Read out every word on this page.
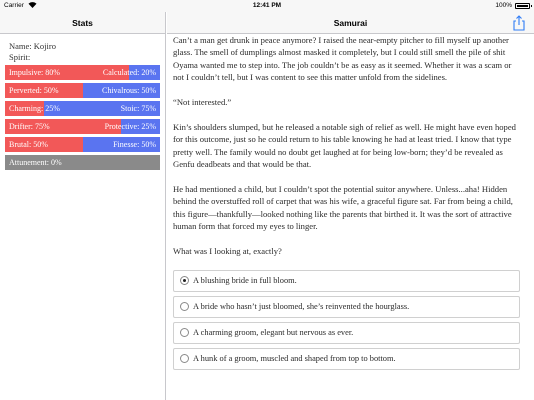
Carrier	12:41 PM	100%
Stats
Name: Kojiro
Spirit:
Impulsive: 80%	Calculated: 20%
Perverted: 50%	Chivalrous: 50%
Charming: 25%	Stoic: 75%
Drifter: 75%	Protective: 25%
Brutal: 50%	Finesse: 50%
Attunement: 0%
Samurai

Can’t a man get drunk in peace anymore? I raised the near-empty pitcher to fill myself up another glass. The smell of dumplings almost masked it completely, but I could still smell the pile of shit Oyama wanted me to step into. The job couldn’t be as easy as it seemed. Whether it was a scam or not I couldn’t tell, but I was content to see this matter unfold from the sidelines.

“Not interested.”

Kin’s shoulders slumped, but he released a notable sigh of relief as well. He might have even hoped for this outcome, just so he could return to his table knowing he had at least tried. I know that type pretty well. The family would no doubt get laughed at for being low-born; they’d be revealed as Genfu deadbeats and that would be that.

He had mentioned a child, but I couldn’t spot the potential suitor anywhere. Unless...aha! Hidden behind the overstuffed roll of carpet that was his wife, a graceful figure sat. Far from being a child, this figure—thankfully—looked nothing like the parents that birthed it. It was the sort of attractive human form that forced my eyes to linger.

What was I looking at, exactly?

A blushing bride in full bloom.
A bride who hasn’t just bloomed, she’s reinvented the hourglass.
A charming groom, elegant but nervous as ever.
A hunk of a groom, muscled and shaped from top to bottom.
